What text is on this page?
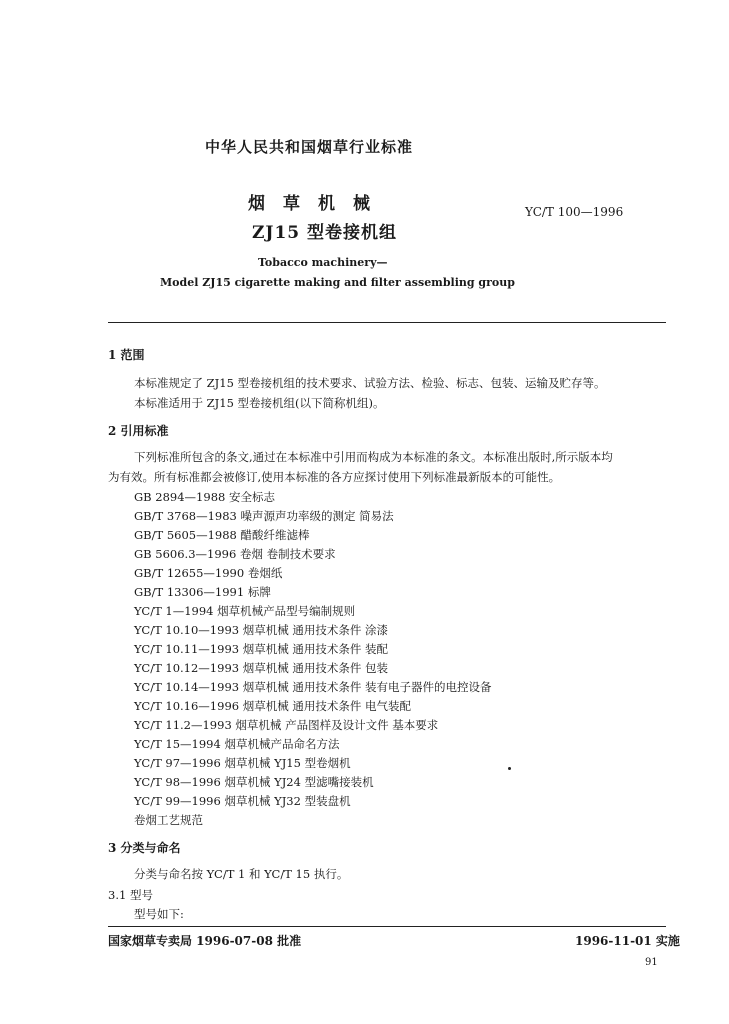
中华人民共和国烟草行业标准
烟草机械
ZJ15 型卷接机组
YC/T 100—1996
Tobacco machinery—
Model ZJ15 cigarette making and filter assembling group
1 范围
本标准规定了 ZJ15 型卷接机组的技术要求、试验方法、检验、标志、包装、运输及贮存等。
本标准适用于 ZJ15 型卷接机组(以下简称机组)。
2 引用标准
下列标准所包含的条文,通过在本标准中引用而构成为本标准的条文。本标准出版时,所示版本均
为有效。所有标准都会被修订,使用本标准的各方应探讨使用下列标准最新版本的可能性。
GB 2894—1988 安全标志
GB/T 3768—1983 噪声源声功率级的测定 简易法
GB/T 5605—1988 醋酸纤维滤棒
GB 5606.3—1996 卷烟 卷制技术要求
GB/T 12655—1990 卷烟纸
GB/T 13306—1991 标牌
YC/T 1—1994 烟草机械产品型号编制规则
YC/T 10.10—1993 烟草机械 通用技术条件 涂漆
YC/T 10.11—1993 烟草机械 通用技术条件 装配
YC/T 10.12—1993 烟草机械 通用技术条件 包装
YC/T 10.14—1993 烟草机械 通用技术条件 装有电子器件的电控设备
YC/T 10.16—1996 烟草机械 通用技术条件 电气装配
YC/T 11.2—1993 烟草机械 产品图样及设计文件 基本要求
YC/T 15—1994 烟草机械产品命名方法
YC/T 97—1996 烟草机械 YJ15 型卷烟机
YC/T 98—1996 烟草机械 YJ24 型滤嘴接装机
YC/T 99—1996 烟草机械 YJ32 型装盘机
卷烟工艺规范
3 分类与命名
分类与命名按 YC/T 1 和 YC/T 15 执行。
3.1 型号
型号如下:
国家烟草专卖局 1996-07-08 批准	1996-11-01 实施
91
